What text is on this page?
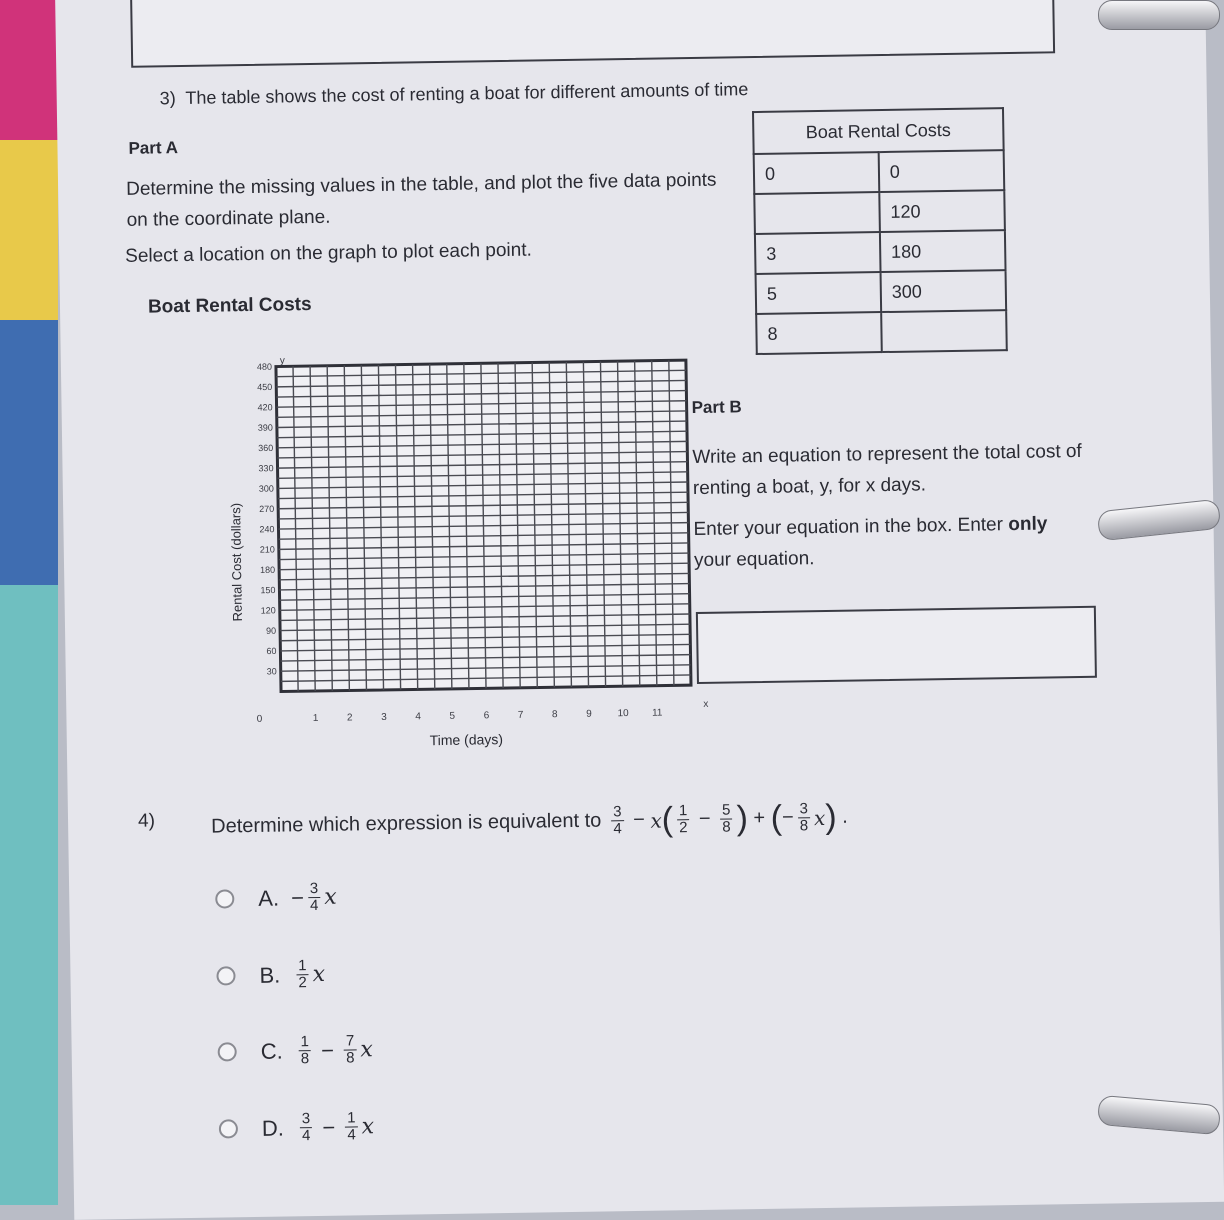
3) The table shows the cost of renting a boat for different amounts of time
Part A
Determine the missing values in the table, and plot the five data points on the coordinate plane.
Select a location on the graph to plot each point.
Boat Rental Costs
0	0
	120
3	180
5	300
8	
Boat Rental Costs
30
60
90
120
150
180
210
240
270
300
330
360
390
420
450
480
0	1	2	3	4	5	6	7	8	9	10 11
y
x
Time (days)
Rental Cost (dollars)
Part B
Write an equation to represent the total cost of renting a boat, y, for x days.
Enter your equation in the box. Enter only your equation.
4)	Determine which expression is equivalent to $\frac{3}{4} - x$ ( $\frac{1}{2} - \frac{5}{8}$ ) + ( − $\frac{3}{8}$ x ) .
A. − $\frac{3}{4}$ x
B. $\frac{1}{2}$ x
C. $\frac{1}{8} - \frac{7}{8}$ x
D. $\frac{3}{4} - \frac{1}{4}$ x
